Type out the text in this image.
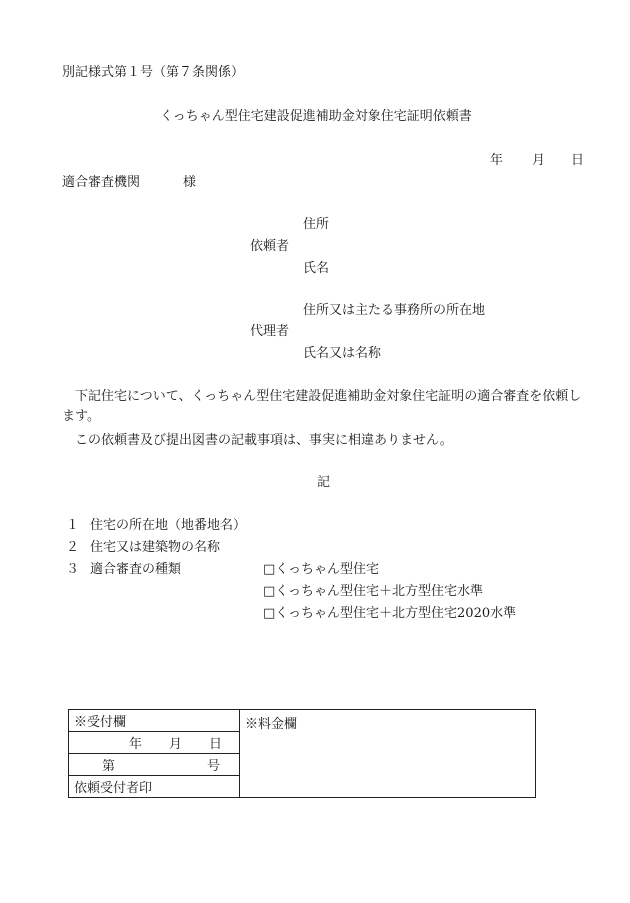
別記様式第１号（第７条関係）
くっちゃん型住宅建設促進補助金対象住宅証明依頼書
年 月 日
適合審査機関	様
住所
依頼者
氏名
住所又は主たる事務所の所在地
代理者
氏名又は名称
　下記住宅について、くっちゃん型住宅建設促進補助金対象住宅証明の適合審査を依頼します。
　この依頼書及び提出図書の記載事項は、事実に相違ありません。
記
１ 住宅の所在地（地番地名）
２ 住宅又は建築物の名称
３ 適合審査の種類	□くっちゃん型住宅
□くっちゃん型住宅＋北方型住宅水準
□くっちゃん型住宅＋北方型住宅2020水準
※受付欄	※料金欄
年 月 日
第	号
依頼受付者印
